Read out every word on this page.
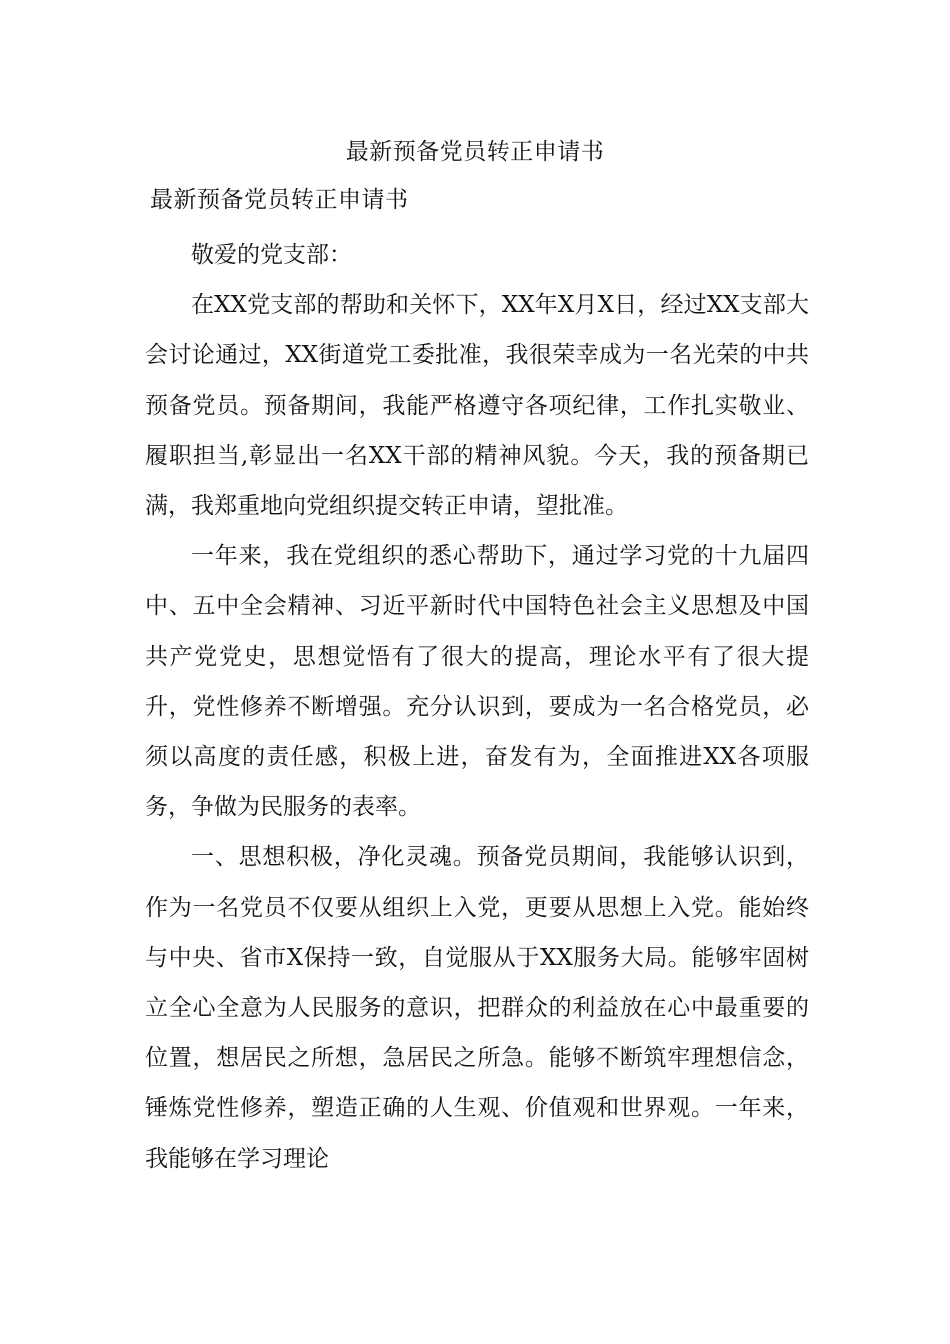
最新预备党员转正申请书
最新预备党员转正申请书

敬爱的党支部：

在XX党支部的帮助和关怀下，XX年X月X日，经过XX支部大会讨论通过，XX街道党工委批准，我很荣幸成为一名光荣的中共预备党员。预备期间，我能严格遵守各项纪律，工作扎实敬业、履职担当,彰显出一名XX干部的精神风貌。今天，我的预备期已满，我郑重地向党组织提交转正申请，望批准。

一年来，我在党组织的悉心帮助下，通过学习党的十九届四中、五中全会精神、习近平新时代中国特色社会主义思想及中国共产党党史，思想觉悟有了很大的提高，理论水平有了很大提升，党性修养不断增强。充分认识到，要成为一名合格党员，必须以高度的责任感，积极上进，奋发有为，全面推进XX各项服务，争做为民服务的表率。

一、思想积极，净化灵魂。预备党员期间，我能够认识到，作为一名党员不仅要从组织上入党，更要从思想上入党。能始终与中央、省市X保持一致，自觉服从于XX服务大局。能够牢固树立全心全意为人民服务的意识，把群众的利益放在心中最重要的位置，想居民之所想，急居民之所急。能够不断筑牢理想信念，锤炼党性修养，塑造正确的人生观、价值观和世界观。一年来，我能够在学习理论
